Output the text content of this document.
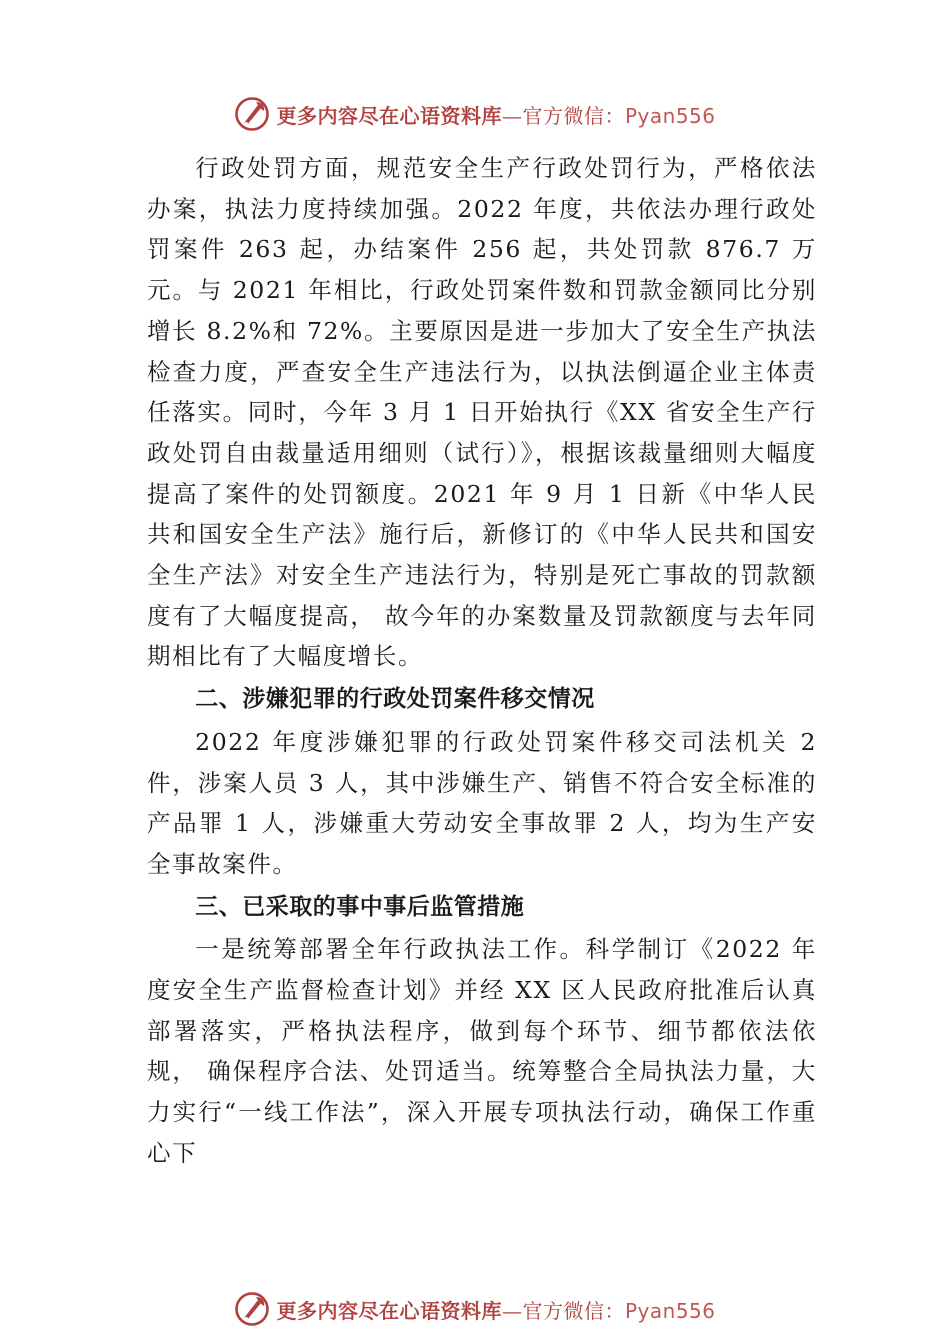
更多内容尽在心语资料库—官方微信：Pyan556

行政处罚方面，规范安全生产行政处罚行为，严格依法办案，执法力度持续加强。2022 年度，共依法办理行政处罚案件 263 起，办结案件 256 起，共处罚款 876.7 万元。与 2021 年相比，行政处罚案件数和罚款金额同比分别增长 8.2%和 72%。主要原因是进一步加大了安全生产执法检查力度，严查安全生产违法行为，以执法倒逼企业主体责任落实。同时，今年 3 月 1 日开始执行《XX 省安全生产行政处罚自由裁量适用细则（试行）》，根据该裁量细则大幅度提高了案件的处罚额度。2021 年 9 月 1 日新《中华人民共和国安全生产法》施行后，新修订的《中华人民共和国安全生产法》对安全生产违法行为，特别是死亡事故的罚款额度有了大幅度提高， 故今年的办案数量及罚款额度与去年同期相比有了大幅度增长。

二、涉嫌犯罪的行政处罚案件移交情况

2022 年度涉嫌犯罪的行政处罚案件移交司法机关 2 件，涉案人员 3 人，其中涉嫌生产、销售不符合安全标准的产品罪 1 人，涉嫌重大劳动安全事故罪 2 人，均为生产安全事故案件。

三、已采取的事中事后监管措施

一是统筹部署全年行政执法工作。科学制订《2022 年度安全生产监督检查计划》并经 XX 区人民政府批准后认真部署落实，严格执法程序，做到每个环节、细节都依法依规， 确保程序合法、处罚适当。统筹整合全局执法力量，大力实行“一线工作法”，深入开展专项执法行动，确保工作重心下

更多内容尽在心语资料库—官方微信：Pyan556
